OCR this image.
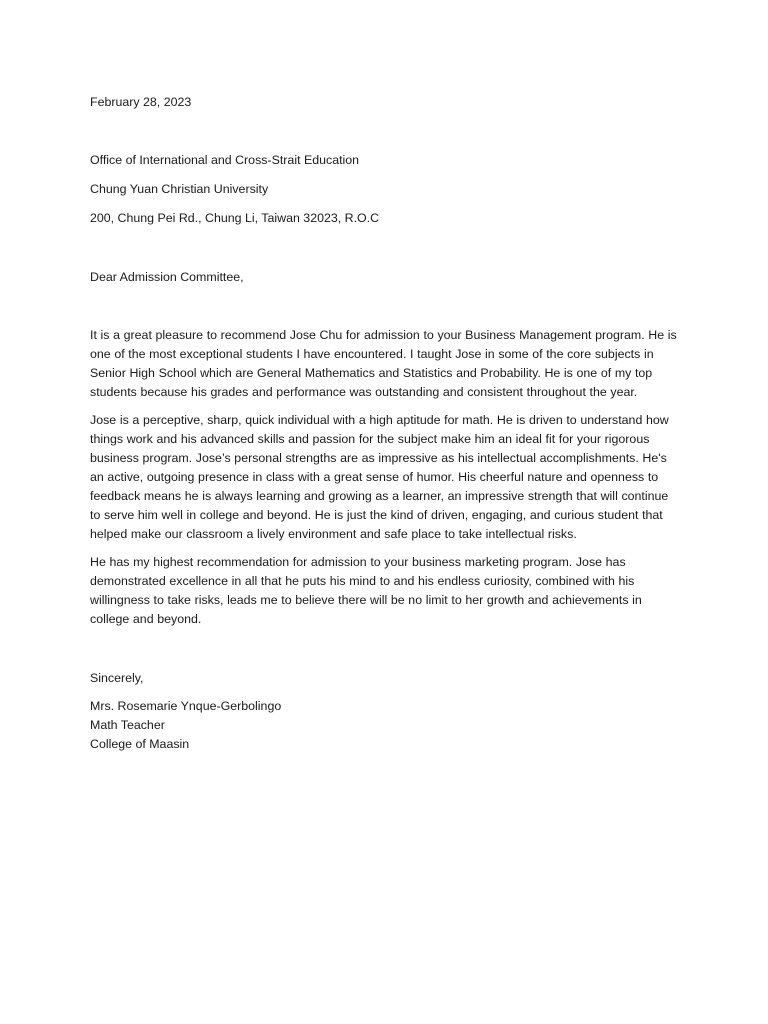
February 28, 2023
Office of International and Cross-Strait Education
Chung Yuan Christian University
200, Chung Pei Rd., Chung Li, Taiwan 32023, R.O.C
Dear Admission Committee,

It is a great pleasure to recommend Jose Chu for admission to your Business Management program. He is one of the most exceptional students I have encountered. I taught Jose in some of the core subjects in Senior High School which are General Mathematics and Statistics and Probability. He is one of my top students because his grades and performance was outstanding and consistent throughout the year.

Jose is a perceptive, sharp, quick individual with a high aptitude for math. He is driven to understand how things work and his advanced skills and passion for the subject make him an ideal fit for your rigorous business program. Jose’s personal strengths are as impressive as his intellectual accomplishments. He's an active, outgoing presence in class with a great sense of humor. His cheerful nature and openness to feedback means he is always learning and growing as a learner, an impressive strength that will continue to serve him well in college and beyond. He is just the kind of driven, engaging, and curious student that helped make our classroom a lively environment and safe place to take intellectual risks.

He has my highest recommendation for admission to your business marketing program. Jose has demonstrated excellence in all that he puts his mind to and his endless curiosity, combined with his willingness to take risks, leads me to believe there will be no limit to her growth and achievements in college and beyond.

Sincerely,
Mrs. Rosemarie Ynque-Gerbolingo
Math Teacher
College of Maasin
